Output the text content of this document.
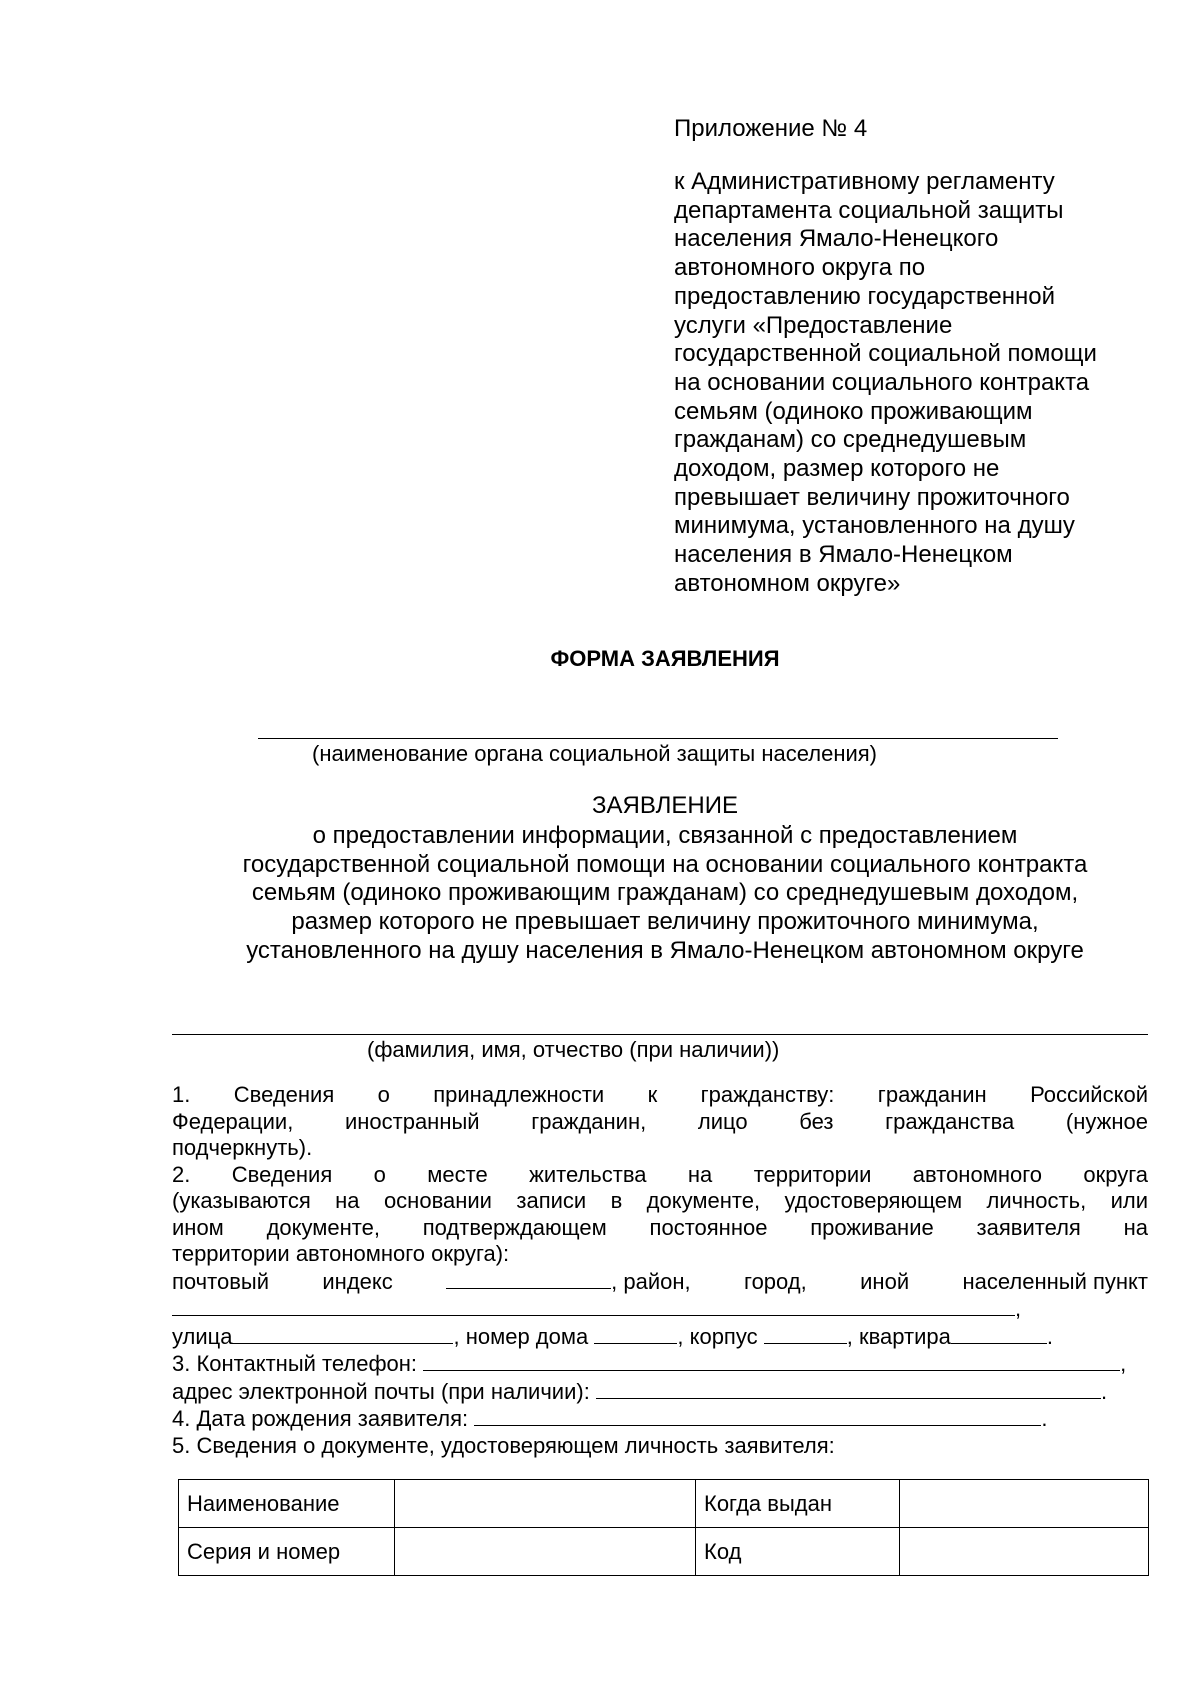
Приложение № 4
к Административному регламенту
департамента социальной защиты
населения Ямало-Ненецкого
автономного округа по
предоставлению государственной
услуги «Предоставление
государственной социальной помощи
на основании социального контракта
семьям (одиноко проживающим
гражданам) со среднедушевым
доходом, размер которого не
превышает величину прожиточного
минимума, установленного на душу
населения в Ямало-Ненецком
автономном округе»
ФОРМА ЗАЯВЛЕНИЯ
(наименование органа социальной защиты населения)
ЗАЯВЛЕНИЕ
о предоставлении информации, связанной с предоставлением
государственной социальной помощи на основании социального контракта
семьям (одиноко проживающим гражданам) со среднедушевым доходом,
размер которого не превышает величину прожиточного минимума,
установленного на душу населения в Ямало-Ненецком автономном округе
(фамилия, имя, отчество (при наличии))
1. Сведения о принадлежности к гражданству: гражданин Российской
Федерации, иностранный гражданин, лицо без гражданства (нужное
подчеркнуть).
2. Сведения о месте жительства на территории автономного округа
(указываются на основании записи в документе, удостоверяющем личность, или
ином документе, подтверждающем постоянное проживание заявителя на
территории автономного округа):
почтовый индекс	, район, город, иной населенный пункт
,
улица	, номер дома	, корпус	, квартира	.
3. Контактный телефон:	,
адрес электронной почты (при наличии):	.
4. Дата рождения заявителя:	.
5. Сведения о документе, удостоверяющем личность заявителя:
Наименование		Когда выдан	
Серия и номер		Код	
